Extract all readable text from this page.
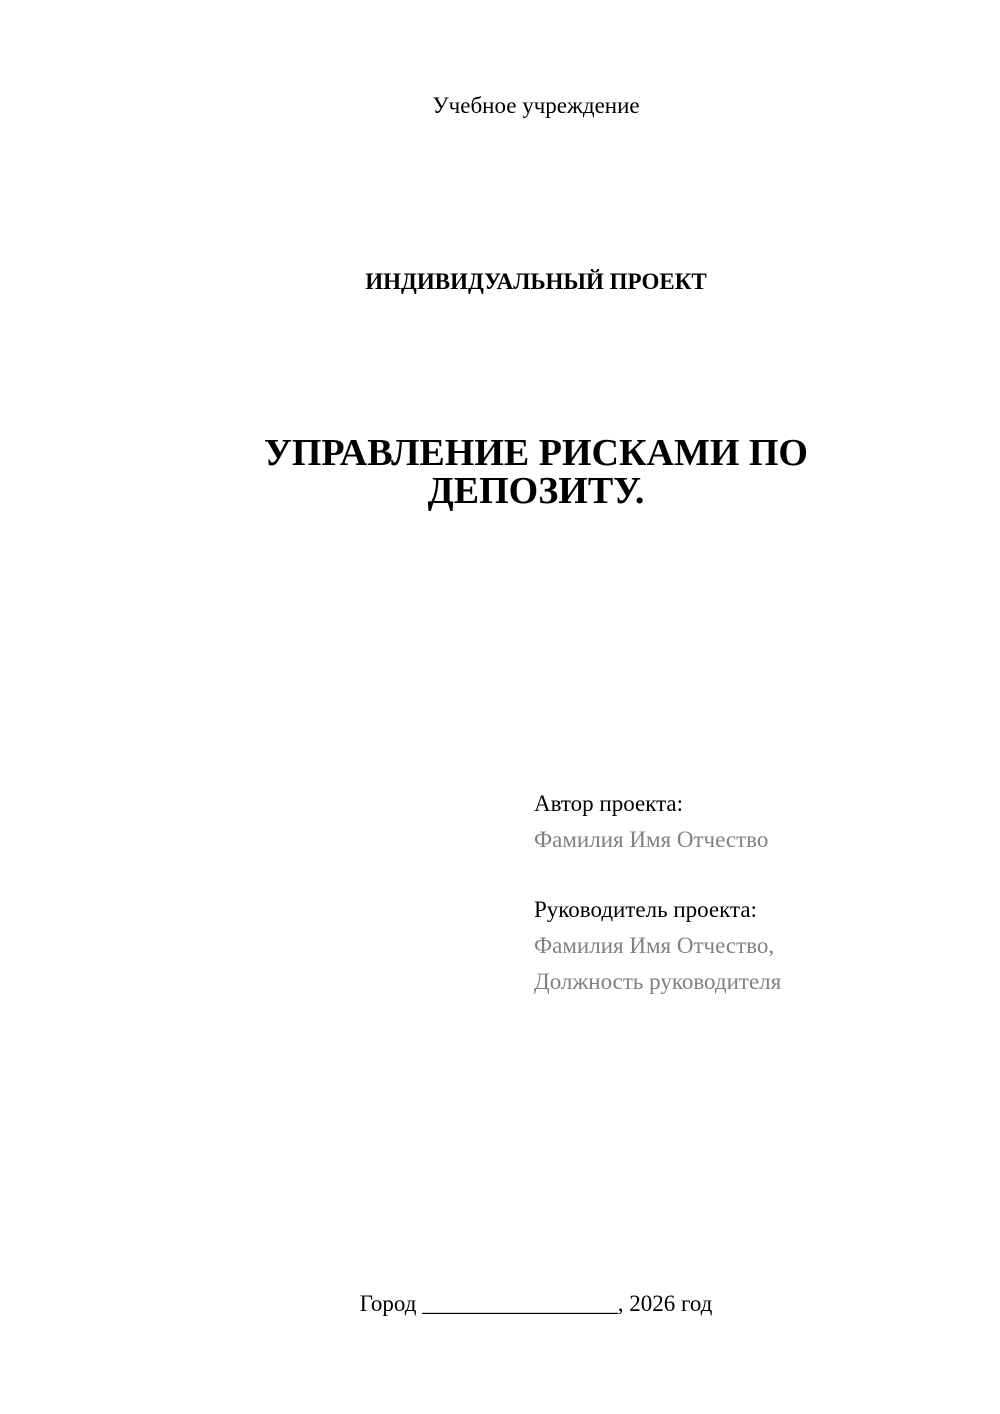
Учебное учреждение
ИНДИВИДУАЛЬНЫЙ ПРОЕКТ
УПРАВЛЕНИЕ РИСКАМИ ПО
ДЕПОЗИТУ.
Автор проекта:
Фамилия Имя Отчество
Руководитель проекта:
Фамилия Имя Отчество,
Должность руководителя
Город _________________, 2026 год
